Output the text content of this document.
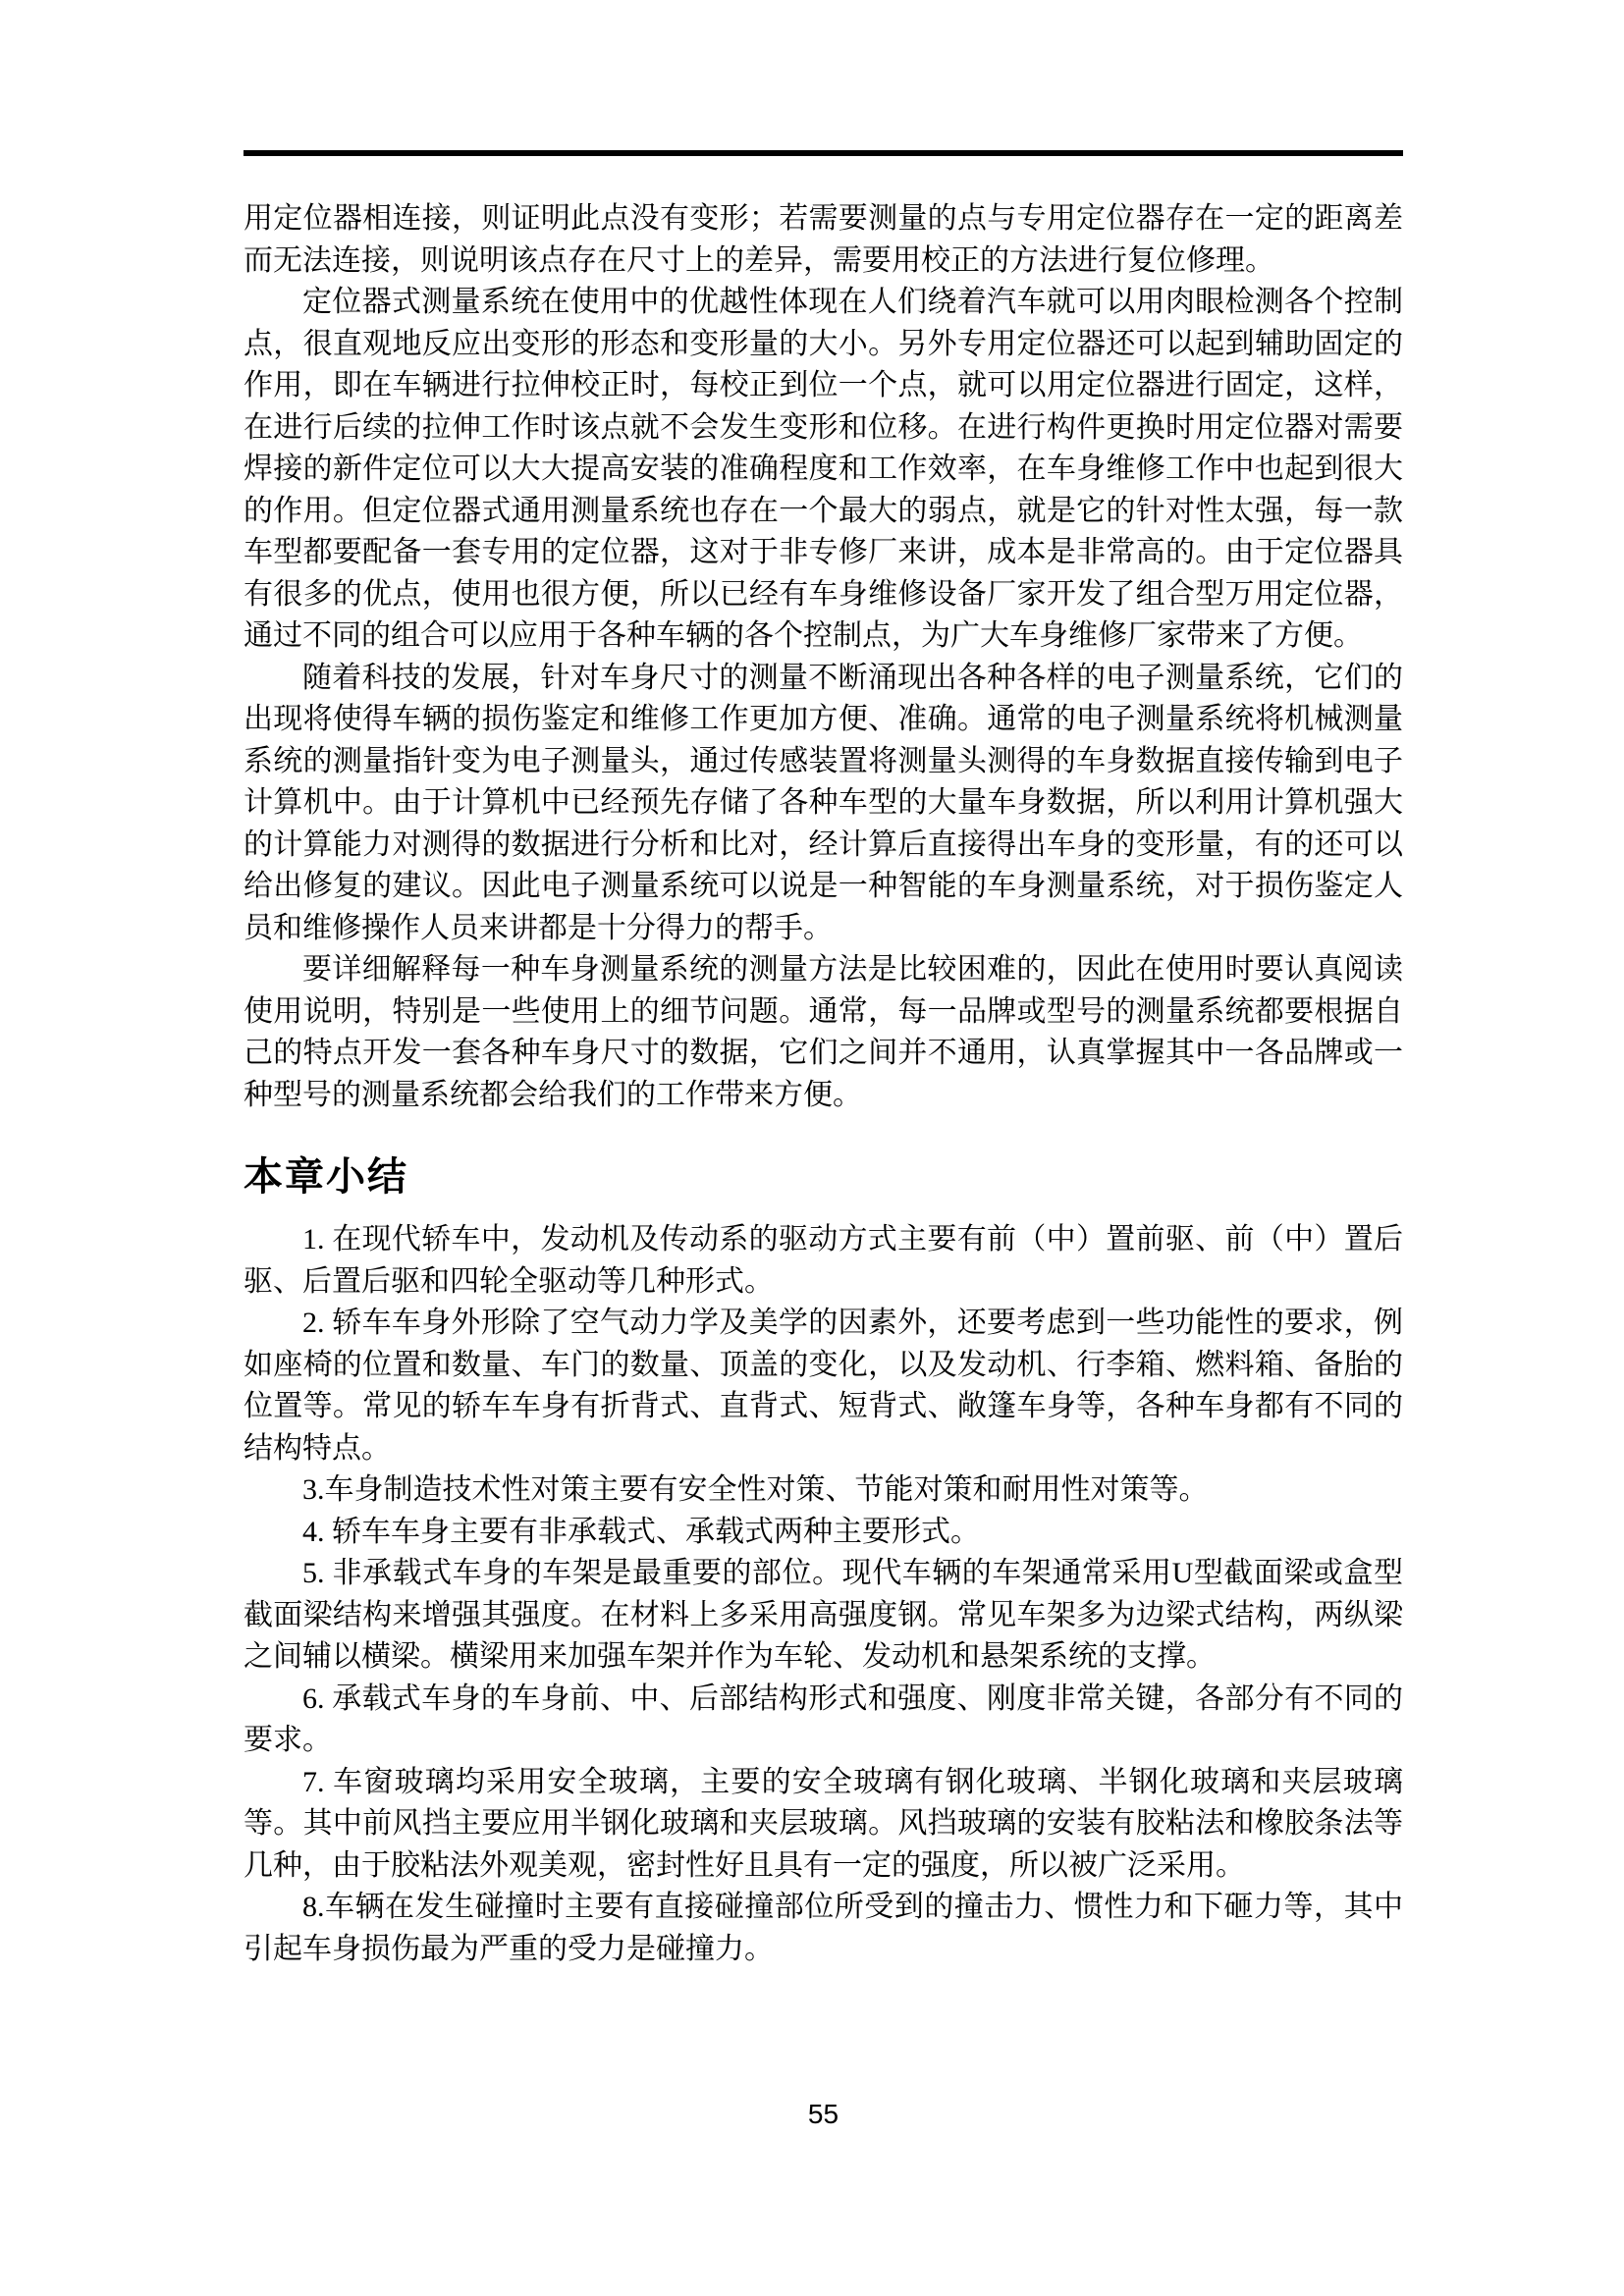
用定位器相连接，则证明此点没有变形；若需要测量的点与专用定位器存在一定的距离差而无法连接，则说明该点存在尺寸上的差异，需要用校正的方法进行复位修理。

定位器式测量系统在使用中的优越性体现在人们绕着汽车就可以用肉眼检测各个控制点，很直观地反应出变形的形态和变形量的大小。另外专用定位器还可以起到辅助固定的作用，即在车辆进行拉伸校正时，每校正到位一个点，就可以用定位器进行固定，这样，在进行后续的拉伸工作时该点就不会发生变形和位移。在进行构件更换时用定位器对需要焊接的新件定位可以大大提高安装的准确程度和工作效率，在车身维修工作中也起到很大的作用。但定位器式通用测量系统也存在一个最大的弱点，就是它的针对性太强，每一款车型都要配备一套专用的定位器，这对于非专修厂来讲，成本是非常高的。由于定位器具有很多的优点，使用也很方便，所以已经有车身维修设备厂家开发了组合型万用定位器，通过不同的组合可以应用于各种车辆的各个控制点，为广大车身维修厂家带来了方便。

随着科技的发展，针对车身尺寸的测量不断涌现出各种各样的电子测量系统，它们的出现将使得车辆的损伤鉴定和维修工作更加方便、准确。通常的电子测量系统将机械测量系统的测量指针变为电子测量头，通过传感装置将测量头测得的车身数据直接传输到电子计算机中。由于计算机中已经预先存储了各种车型的大量车身数据，所以利用计算机强大的计算能力对测得的数据进行分析和比对，经计算后直接得出车身的变形量，有的还可以给出修复的建议。因此电子测量系统可以说是一种智能的车身测量系统，对于损伤鉴定人员和维修操作人员来讲都是十分得力的帮手。

要详细解释每一种车身测量系统的测量方法是比较困难的，因此在使用时要认真阅读使用说明，特别是一些使用上的细节问题。通常，每一品牌或型号的测量系统都要根据自己的特点开发一套各种车身尺寸的数据，它们之间并不通用，认真掌握其中一各品牌或一种型号的测量系统都会给我们的工作带来方便。

本章小结

1. 在现代轿车中，发动机及传动系的驱动方式主要有前（中）置前驱、前（中）置后驱、后置后驱和四轮全驱动等几种形式。

2. 轿车车身外形除了空气动力学及美学的因素外，还要考虑到一些功能性的要求，例如座椅的位置和数量、车门的数量、顶盖的变化，以及发动机、行李箱、燃料箱、备胎的位置等。常见的轿车车身有折背式、直背式、短背式、敞篷车身等，各种车身都有不同的结构特点。

3.车身制造技术性对策主要有安全性对策、节能对策和耐用性对策等。

4. 轿车车身主要有非承载式、承载式两种主要形式。

5. 非承载式车身的车架是最重要的部位。现代车辆的车架通常采用U型截面梁或盒型截面梁结构来增强其强度。在材料上多采用高强度钢。常见车架多为边梁式结构，两纵梁之间辅以横梁。横梁用来加强车架并作为车轮、发动机和悬架系统的支撑。

6. 承载式车身的车身前、中、后部结构形式和强度、刚度非常关键，各部分有不同的要求。

7. 车窗玻璃均采用安全玻璃，主要的安全玻璃有钢化玻璃、半钢化玻璃和夹层玻璃等。其中前风挡主要应用半钢化玻璃和夹层玻璃。风挡玻璃的安装有胶粘法和橡胶条法等几种，由于胶粘法外观美观，密封性好且具有一定的强度，所以被广泛采用。

8.车辆在发生碰撞时主要有直接碰撞部位所受到的撞击力、惯性力和下砸力等，其中引起车身损伤最为严重的受力是碰撞力。

55
